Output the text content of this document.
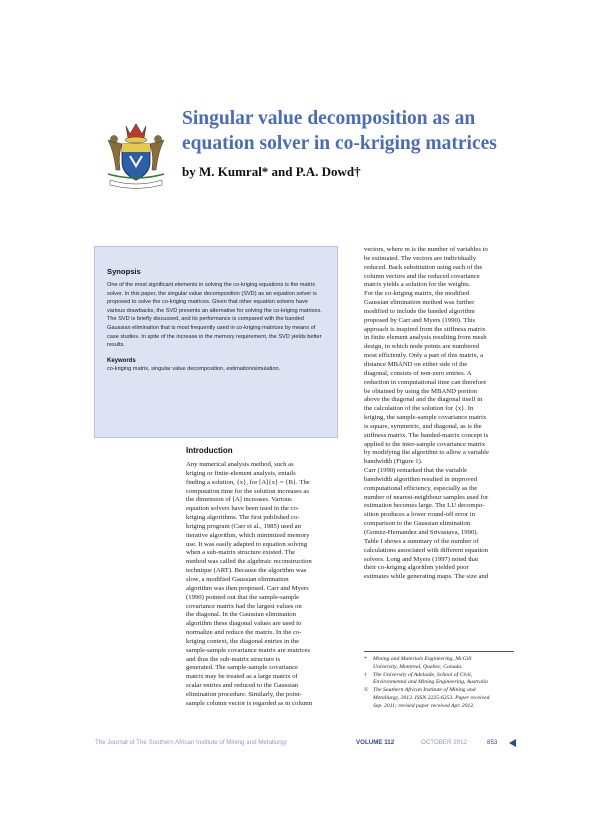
Singular value decomposition as an equation solver in co-kriging matrices

by M. Kumral* and P.A. Dowd†

Synopsis

One of the most significant elements in solving the co-kriging equations is the matrix solver. In this paper, the singular value decomposition (SVD) as an equation solver is proposed to solve the co-kriging matrices. Given that other equation solvers have various drawbacks, the SVD presents an alternative for solving the co-kriging matrices. The SVD is briefly discussed, and its performance is compared with the banded Gaussian elimination that is most frequently used in co-kriging matrices by means of case studies. In spite of the increase in the memory requirement, the SVD yields better results.

Keywords

co-kriging matrix, singular value decomposition, estimation/simulation.

Introduction

Any numerical analysis method, such as
kriging or finite-element analysis, entails
finding a solution, {x}, for [A]{x} = {B}. The
computation time for the solution increases as
the dimension of [A] increases. Various
equation solvers have been used in the co-
kriging algorithms. The first published co-
kriging program (Carr et al., 1985) used an
iterative algorithm, which minimized memory
use. It was easily adapted to equation solving
when a sub-matrix structure existed. The
method was called the algebraic reconstruction
technique (ART). Because the algorithm was
slow, a modified Gaussian elimination
algorithm was then proposed. Carr and Myers
(1990) pointed out that the sample-sample
covariance matrix had the largest values on
the diagonal. In the Gaussian elimination
algorithm these diagonal values are used to
normalize and reduce the matrix. In the co-
kriging context, the diagonal entries in the
sample-sample covariance matrix are matrices
and thus the sub-matrix structure is
generated. The sample-sample covariance
matrix may be treated as a large matrix of
scalar entries and reduced to the Gaussian
elimination procedure. Similarly, the point-
sample column vector is regarded as m column

vectors, where m is the number of variables to
be estimated. The vectors are individually
reduced. Back substitution using each of the
column vectors and the reduced covariance
matrix yields a solution for the weights.

For the co-kriging matrix, the modified
Gaussian elimination method was further
modified to include the banded algorithm
proposed by Carr and Myers (1990). This
approach is inspired from the stiffness matrix
in finite element analysis resulting from mesh
design, in which node points are numbered
most efficiently. Only a part of this matrix, a
distance MBAND on either side of the
diagonal, consists of non-zero entries. A
reduction in computational time can therefore
be obtained by using the MBAND portion
above the diagonal and the diagonal itself in
the calculation of the solution for {x}. In
kriging, the sample-sample covariance matrix
is square, symmetric, and diagonal, as is the
stiffness matrix. The banded-matrix concept is
applied to the inter-sample covariance matrix
by modifying the algorithm to allow a variable
bandwidth (Figure 1).

Carr (1990) remarked that the variable
bandwidth algorithm resulted in improved
computational efficiency, especially as the
number of nearest-neighbour samples used for
estimation becomes large. The LU decompo-
sition produces a lower round-off error in
comparison to the Gaussian elimination
(Gomez-Hernandez and Srivastava, 1990).
Table I shows a summary of the number of
calculations associated with different equation
solvers. Long and Myers (1997) noted that
their co-kriging algorithm yielded poor
estimates while generating maps. The size and

*	Mining and Materials Engineering, McGill
University, Montreal, Quebec, Canada.

†	The University of Adelaide, School of Civil,
Environmental and Mining Engineering, Australia

© The Southern African Institute of Mining and
Metallurgy, 2012. ISSN 2225-6253. Paper received
Sep. 2011; revised paper received Apr. 2012.

The Journal of The Southern African Institute of Mining and Metallurgy	VOLUME 112	OCTOBER 2012	853
